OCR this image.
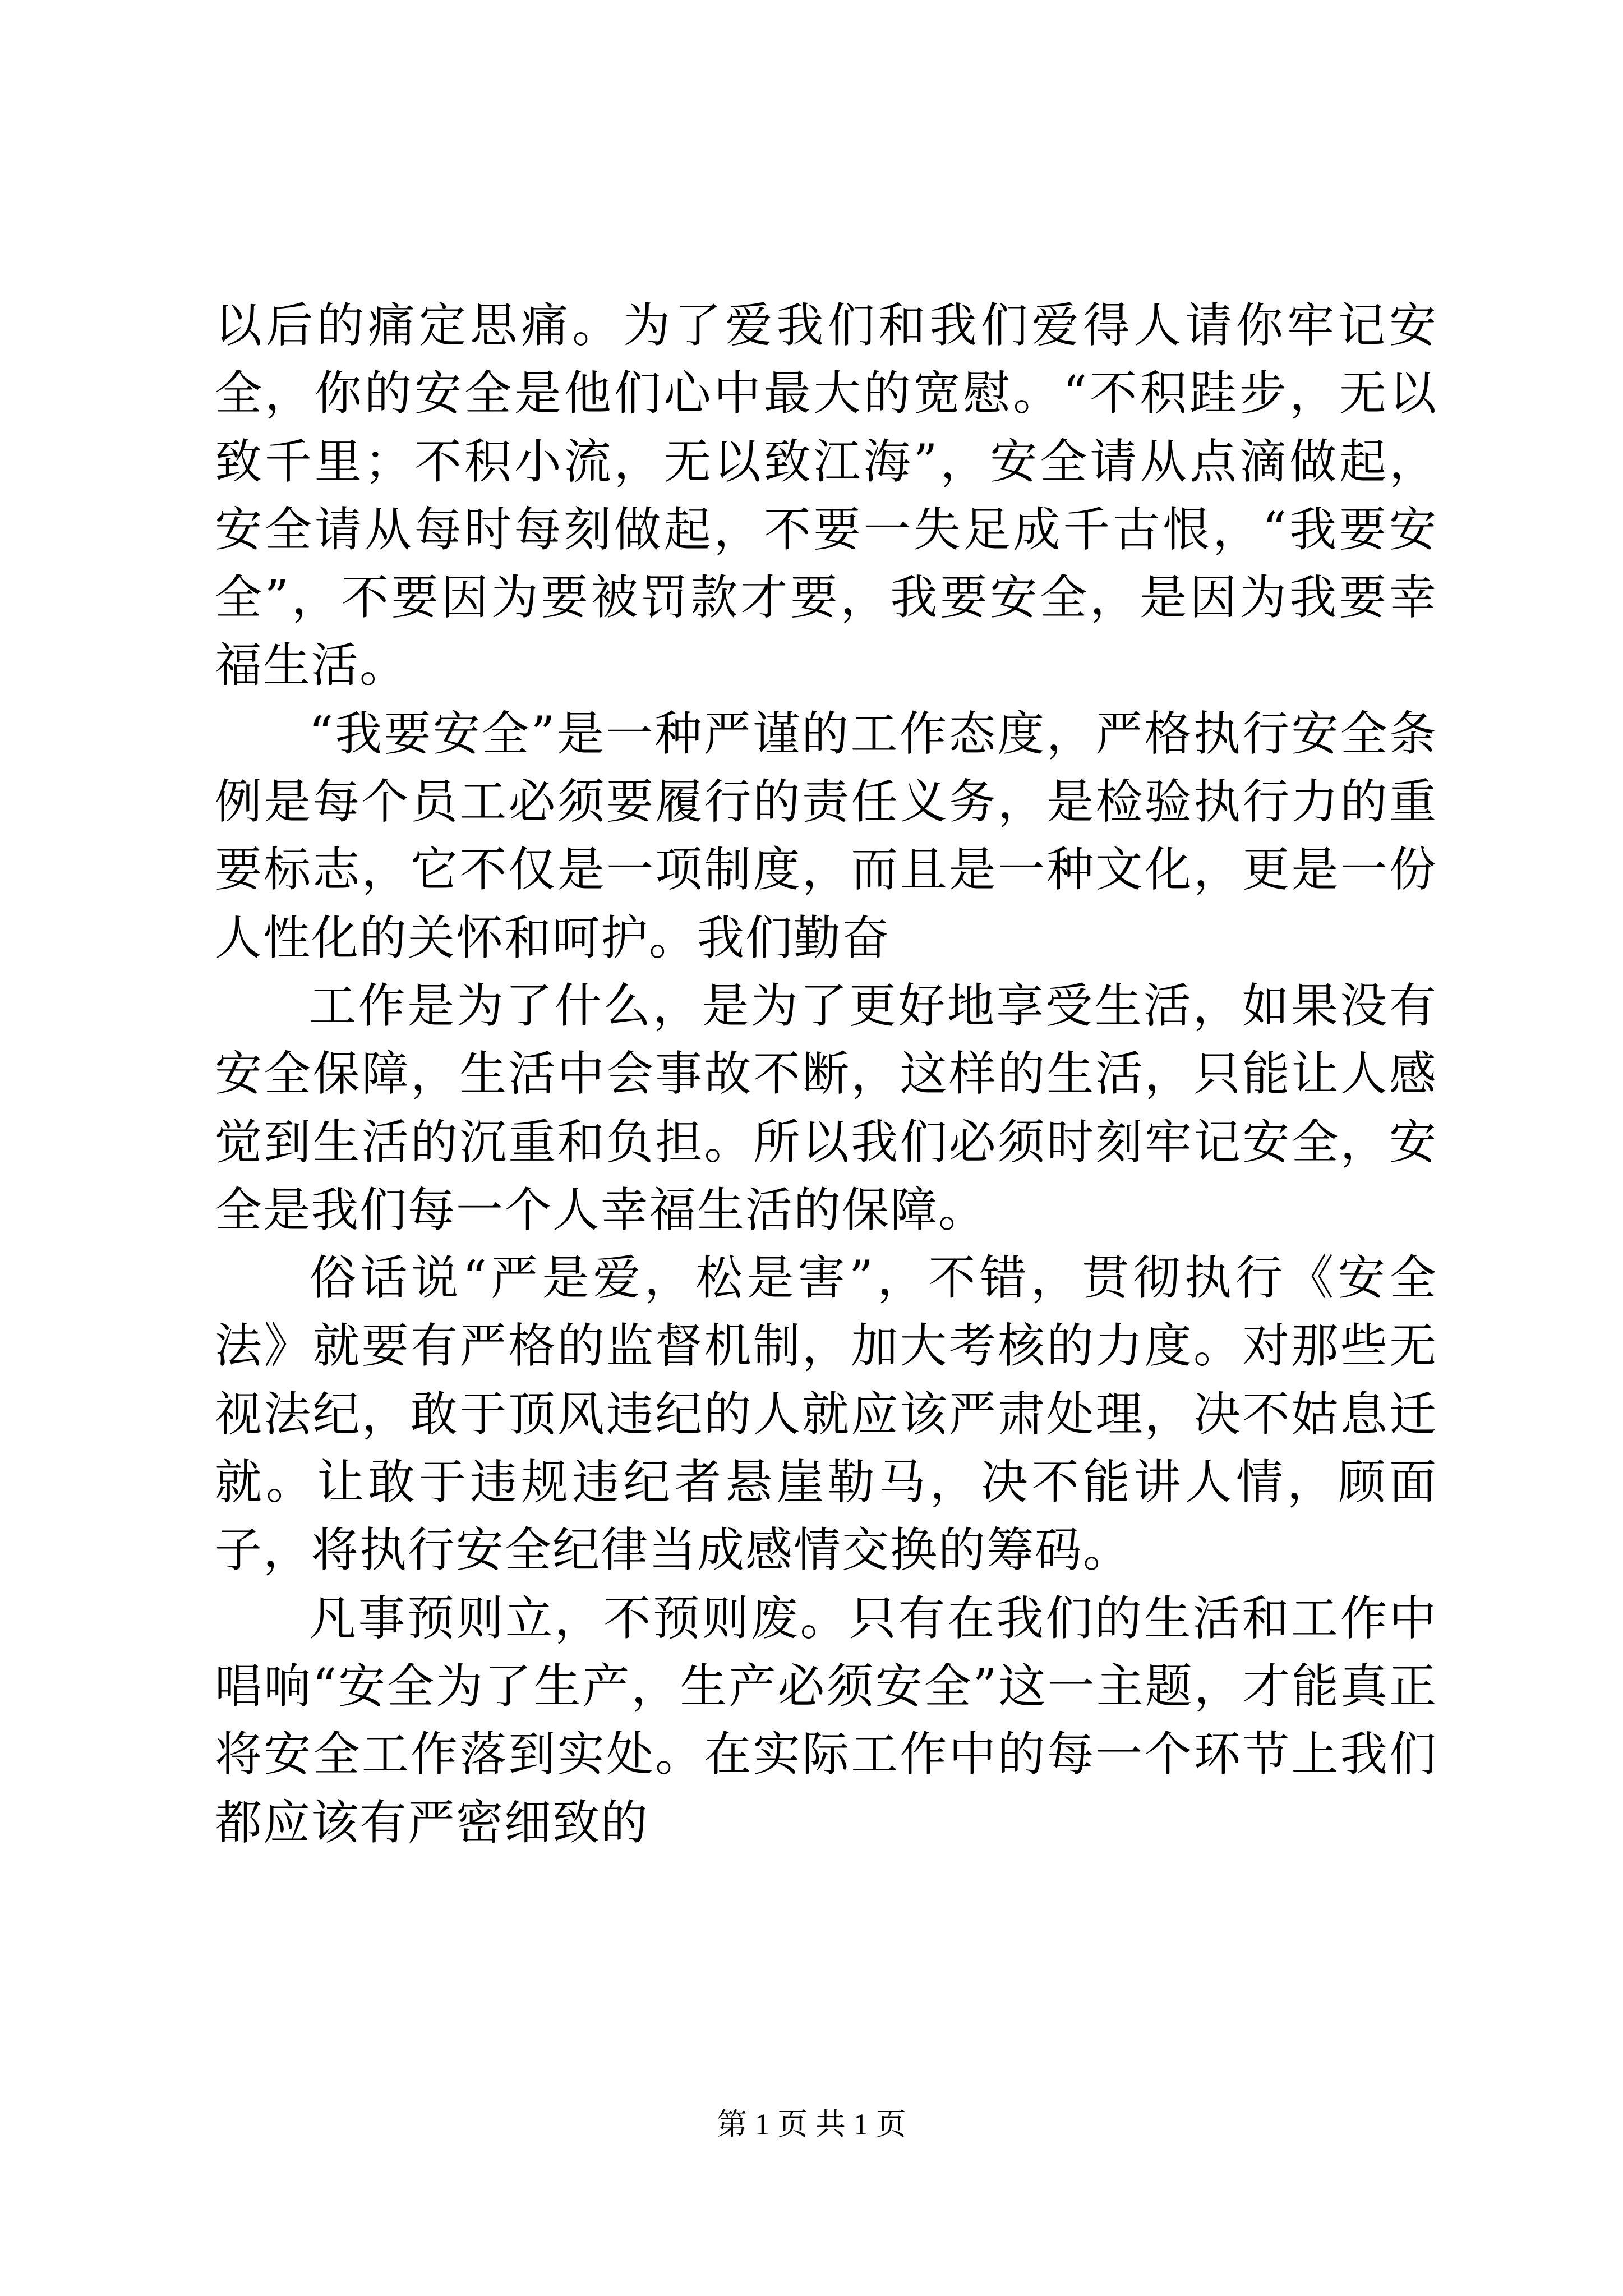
以后的痛定思痛。为了爱我们和我们爱得人请你牢记安全，你的安全是他们心中最大的宽慰。“不积跬步，无以致千里；不积小流，无以致江海”，安全请从点滴做起，安全请从每时每刻做起，不要一失足成千古恨，“我要安全”，不要因为要被罚款才要，我要安全，是因为我要幸福生活。

“我要安全”是一种严谨的工作态度，严格执行安全条例是每个员工必须要履行的责任义务，是检验执行力的重要标志，它不仅是一项制度，而且是一种文化，更是一份人性化的关怀和呵护。我们勤奋

工作是为了什么，是为了更好地享受生活，如果没有安全保障，生活中会事故不断，这样的生活，只能让人感觉到生活的沉重和负担。所以我们必须时刻牢记安全，安全是我们每一个人幸福生活的保障。

俗话说“严是爱，松是害”，不错，贯彻执行《安全法》就要有严格的监督机制，加大考核的力度。对那些无视法纪，敢于顶风违纪的人就应该严肃处理，决不姑息迁就。让敢于违规违纪者悬崖勒马，决不能讲人情，顾面子，将执行安全纪律当成感情交换的筹码。

凡事预则立，不预则废。只有在我们的生活和工作中唱响“安全为了生产，生产必须安全”这一主题，才能真正将安全工作落到实处。在实际工作中的每一个环节上我们都应该有严密细致的

第 1 页 共 1 页
